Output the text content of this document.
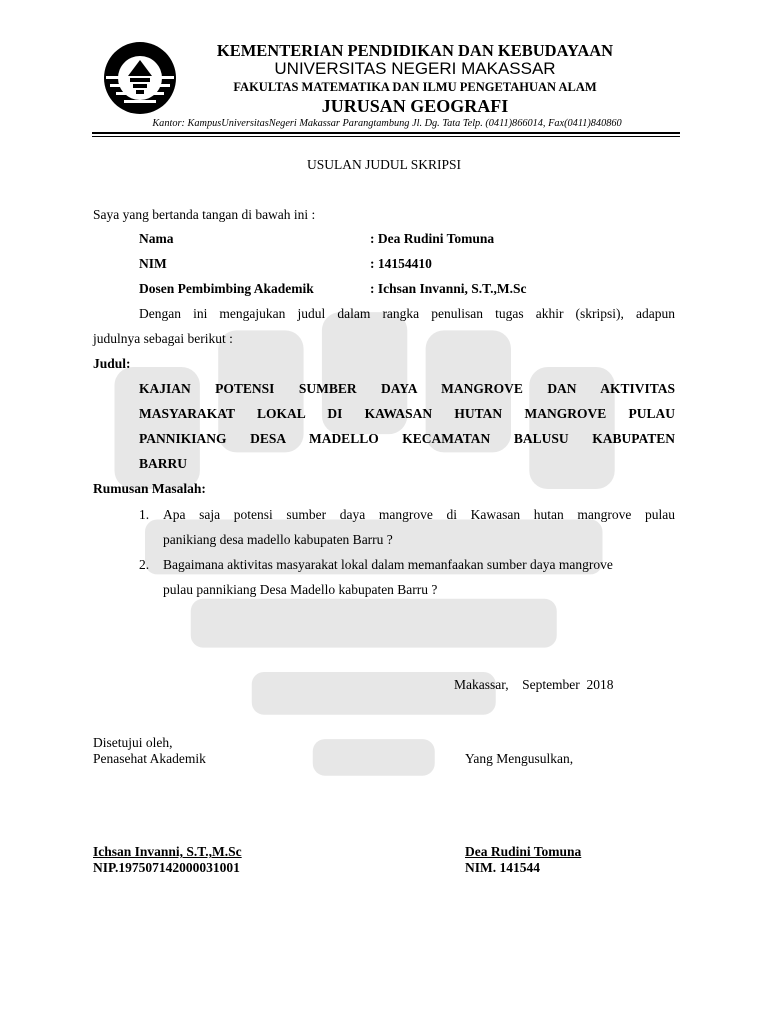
KEMENTERIAN PENDIDIKAN DAN KEBUDAYAAN
UNIVERSITAS NEGERI MAKASSAR
FAKULTAS MATEMATIKA DAN ILMU PENGETAHUAN ALAM
JURUSAN GEOGRAFI
Kantor: KampusUniversitasNegeri Makassar Parangtambung Jl. Dg. Tata Telp. (0411)866014, Fax(0411)840860
USULAN JUDUL SKRIPSI
Saya yang bertanda tangan di bawah ini :
Nama	: Dea Rudini Tomuna
NIM	: 14154410
Dosen Pembimbing Akademik	: Ichsan Invanni, S.T.,M.Sc
Dengan ini mengajukan judul dalam rangka penulisan tugas akhir (skripsi), adapun
judulnya sebagai berikut :
Judul:
KAJIAN POTENSI SUMBER DAYA MANGROVE DAN AKTIVITAS
MASYARAKAT LOKAL DI KAWASAN HUTAN MANGROVE PULAU
PANNIKIANG DESA MADELLO KECAMATAN BALUSU KABUPATEN
BARRU
Rumusan Masalah:
1. Apa saja potensi sumber daya mangrove di Kawasan hutan mangrove pulau
panikiang desa madello kabupaten Barru ?
2. Bagaimana aktivitas masyarakat lokal dalam memanfaakan sumber daya mangrove
pulau pannikiang Desa Madello kabupaten Barru ?
Makassar,    September  2018
Disetujui oleh,
Penasehat Akademik	Yang Mengusulkan,
Ichsan Invanni, S.T.,M.Sc
NIP.197507142000031001
Dea Rudini Tomuna
NIM. 141544
